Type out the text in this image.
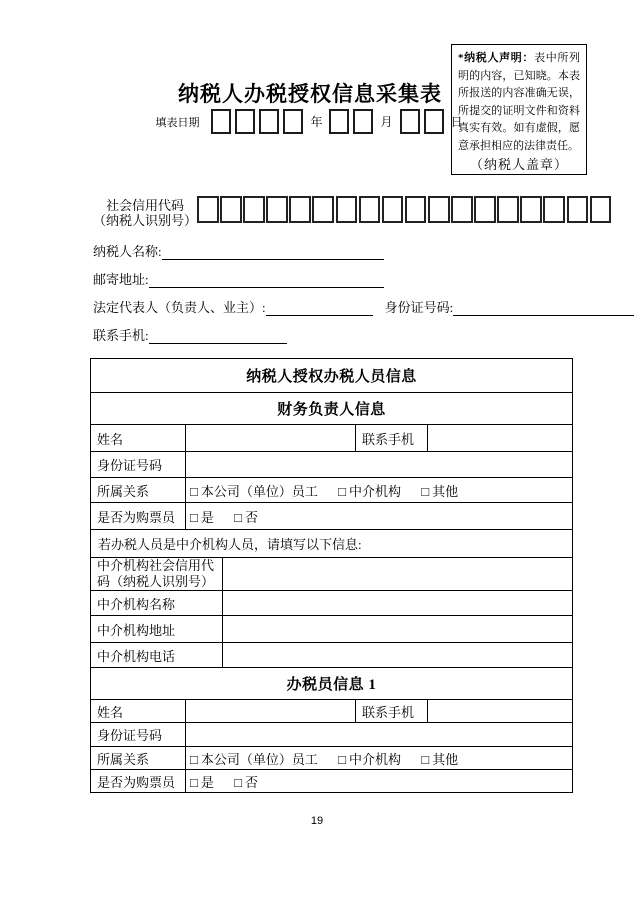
*纳税人声明：表中所列明的内容，已知晓。本表所报送的内容准确无误，所提交的证明文件和资料真实有效。如有虚假，愿意承担相应的法律责任。

（纳税人盖章）
纳税人办税授权信息采集表
填表日期	年	月	日
社会信用代码
（纳税人识别号）
纳税人名称:
邮寄地址:
法定代表人（负责人、业主）:	身份证号码:
联系手机:
纳税人授权办税人员信息				
财务负责人信息				
姓名			联系手机	
身份证号码				
所属关系	□ 本公司（单位）员工 □ 中介机构 □ 其他			
是否为购票员	□ 是 □ 否			
若办税人员是中介机构人员，请填写以下信息:				
中介机构社会信用代码（纳税人识别号）				
中介机构名称				
中介机构地址				
中介机构电话				
办税员信息 1				
姓名			联系手机	
身份证号码				
所属关系	□ 本公司（单位）员工 □ 中介机构 □ 其他			
是否为购票员	□ 是 □ 否			
19
